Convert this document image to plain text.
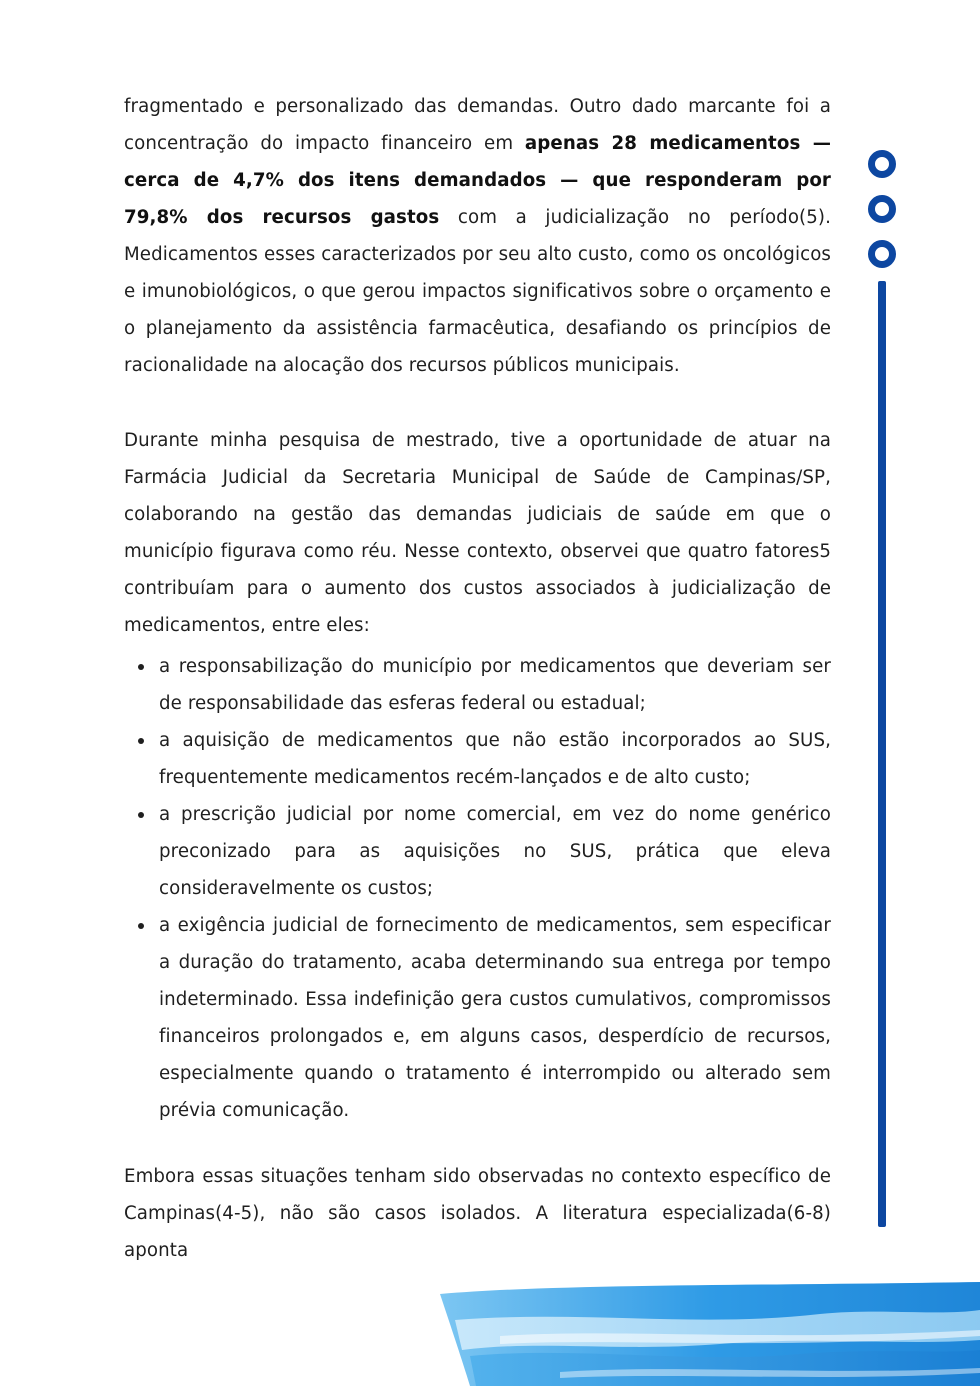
fragmentado e personalizado das demandas. Outro dado marcante foi a concentração do impacto financeiro em apenas 28 medicamentos — cerca de 4,7% dos itens demandados — que responderam por 79,8% dos recursos gastos com a judicialização no período(5). Medicamentos esses caracterizados por seu alto custo, como os oncológicos e imunobiológicos, o que gerou impactos significativos sobre o orçamento e o planejamento da assistência farmacêutica, desafiando os princípios de racionalidade na alocação dos recursos públicos municipais.

Durante minha pesquisa de mestrado, tive a oportunidade de atuar na Farmácia Judicial da Secretaria Municipal de Saúde de Campinas/SP, colaborando na gestão das demandas judiciais de saúde em que o município figurava como réu. Nesse contexto, observei que quatro fatores5 contribuíam para o aumento dos custos associados à judicialização de medicamentos, entre eles:

a responsabilização do município por medicamentos que deveriam ser de responsabilidade das esferas federal ou estadual;
a aquisição de medicamentos que não estão incorporados ao SUS, frequentemente medicamentos recém-lançados e de alto custo;
a prescrição judicial por nome comercial, em vez do nome genérico preconizado para as aquisições no SUS, prática que eleva consideravelmente os custos;
a exigência judicial de fornecimento de medicamentos, sem especificar a duração do tratamento, acaba determinando sua entrega por tempo indeterminado. Essa indefinição gera custos cumulativos, compromissos financeiros prolongados e, em alguns casos, desperdício de recursos, especialmente quando o tratamento é interrompido ou alterado sem prévia comunicação.

Embora essas situações tenham sido observadas no contexto específico de Campinas(4-5), não são casos isolados. A literatura especializada(6-8) aponta
